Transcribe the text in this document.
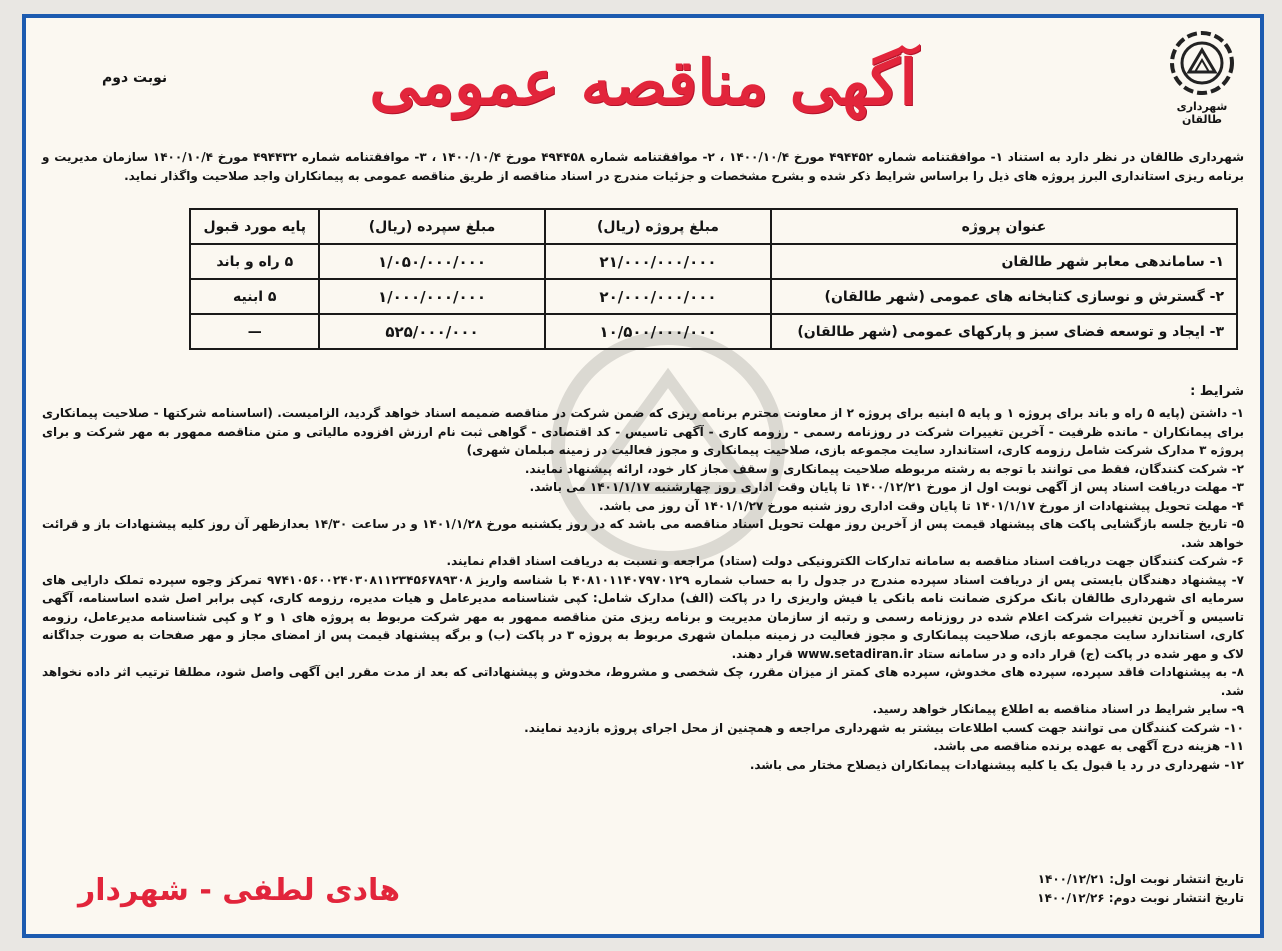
شهرداری طالقان
نوبت دوم	آگهی مناقصه عمومی
شهرداری طالقان در نظر دارد به استناد ۱- موافقتنامه شماره ۴۹۴۴۵۲ مورخ ۱۴۰۰/۱۰/۴ ، ۲- موافقتنامه شماره ۴۹۴۴۵۸ مورخ ۱۴۰۰/۱۰/۴ ، ۳- موافقتنامه شماره ۴۹۴۴۳۲ مورخ ۱۴۰۰/۱۰/۴ سازمان مدیریت و برنامه ریزی استانداری البرز پروژه های ذیل را براساس شرایط ذکر شده و بشرح مشخصات و جزئیات مندرج در اسناد مناقصه از طریق مناقصه عمومی به پیمانکاران واجد صلاحیت واگذار نماید.
عنوان پروژه	مبلغ پروژه (ریال)	مبلغ سپرده (ریال)	پایه مورد قبول
۱- ساماندهی معابر شهر طالقان	۲۱/۰۰۰/۰۰۰/۰۰۰	۱/۰۵۰/۰۰۰/۰۰۰	۵ راه و باند
۲- گسترش و نوسازی کتابخانه های عمومی (شهر طالقان)	۲۰/۰۰۰/۰۰۰/۰۰۰	۱/۰۰۰/۰۰۰/۰۰۰	۵ ابنیه
۳- ایجاد و توسعه فضای سبز و پارکهای عمومی (شهر طالقان)	۱۰/۵۰۰/۰۰۰/۰۰۰	۵۲۵/۰۰۰/۰۰۰	—
شرایط :
۱- داشتن (پایه ۵ راه و باند برای پروژه ۱ و پایه ۵ ابنیه برای پروژه ۲ از معاونت محترم برنامه ریزی که ضمن شرکت در مناقصه ضمیمه اسناد خواهد گردید، الزامیست. (اساسنامه شرکتها - صلاحیت پیمانکاری برای پیمانکاران - مانده ظرفیت - آخرین تغییرات شرکت در روزنامه رسمی - رزومه کاری - آگهی تاسیس - کد اقتصادی - گواهی ثبت نام ارزش افزوده مالیاتی و متن مناقصه ممهور به مهر شرکت و برای پروژه ۳ مدارک شرکت شامل رزومه کاری، استاندارد سایت مجموعه بازی، صلاحیت پیمانکاری و مجوز فعالیت در زمینه مبلمان شهری)
۲- شرکت کنندگان، فقط می توانند با توجه به رشته مربوطه صلاحیت پیمانکاری و سقف مجاز کار خود، ارائه پیشنهاد نمایند.
۳- مهلت دریافت اسناد پس از آگهی نوبت اول از مورخ ۱۴۰۰/۱۲/۲۱ تا پایان وقت اداری روز چهارشنبه ۱۴۰۱/۱/۱۷ می باشد.
۴- مهلت تحویل پیشنهادات از مورخ ۱۴۰۱/۱/۱۷ تا پایان وقت اداری روز شنبه مورخ ۱۴۰۱/۱/۲۷ آن روز می باشد.
۵- تاریخ جلسه بازگشایی پاکت های پیشنهاد قیمت پس از آخرین روز مهلت تحویل اسناد مناقصه می باشد که در روز یکشنبه مورخ ۱۴۰۱/۱/۲۸ و در ساعت ۱۴/۳۰ بعدازظهر آن روز کلیه پیشنهادات باز و قرائت خواهد شد.
۶- شرکت کنندگان جهت دریافت اسناد مناقصه به سامانه تدارکات الکترونیکی دولت (ستاد) مراجعه و نسبت به دریافت اسناد اقدام نمایند.
۷- پیشنهاد دهندگان بایستی پس از دریافت اسناد سپرده مندرج در جدول را به حساب شماره ۴۰۸۱۰۱۱۴۰۷۹۷۰۱۲۹ با شناسه واریز ۹۷۴۱۰۵۶۰۰۲۴۰۳۰۸۱۱۲۳۴۵۶۷۸۹۳۰۸ تمرکز وجوه سپرده تملک دارایی های سرمایه ای شهرداری طالقان بانک مرکزی ضمانت نامه بانکی یا فیش واریزی را در پاکت (الف) مدارک شامل: کپی شناسنامه مدیرعامل و هیات مدیره، رزومه کاری، کپی برابر اصل شده اساسنامه، آگهی تاسیس و آخرین تغییرات شرکت اعلام شده در روزنامه رسمی و رتبه از سازمان مدیریت و برنامه ریزی متن مناقصه ممهور به مهر شرکت مربوط به پروژه های ۱ و ۲ و کپی شناسنامه مدیرعامل، رزومه کاری، استاندارد سایت مجموعه بازی، صلاحیت پیمانکاری و مجوز فعالیت در زمینه مبلمان شهری مربوط به پروژه ۳ در پاکت (ب) و برگه پیشنهاد قیمت پس از امضای مجاز و مهر صفحات به صورت جداگانه لاک و مهر شده در پاکت (ج) قرار داده و در سامانه ستاد www.setadiran.ir قرار دهند.
۸- به پیشنهادات فاقد سپرده، سپرده های مخدوش، سپرده های کمتر از میزان مقرر، چک شخصی و مشروط، مخدوش و پیشنهاداتی که بعد از مدت مقرر این آگهی واصل شود، مطلقا ترتیب اثر داده نخواهد شد.
۹- سایر شرایط در اسناد مناقصه به اطلاع پیمانکار خواهد رسید.
۱۰- شرکت کنندگان می توانند جهت کسب اطلاعات بیشتر به شهرداری مراجعه و همچنین از محل اجرای پروژه بازدید نمایند.
۱۱- هزینه درج آگهی به عهده برنده مناقصه می باشد.
۱۲- شهرداری در رد یا قبول یک یا کلیه پیشنهادات پیمانکاران ذیصلاح مختار می باشد.
تاریخ انتشار نوبت اول: ۱۴۰۰/۱۲/۲۱
تاریخ انتشار نوبت دوم: ۱۴۰۰/۱۲/۲۶
هادی لطفی - شهردار
